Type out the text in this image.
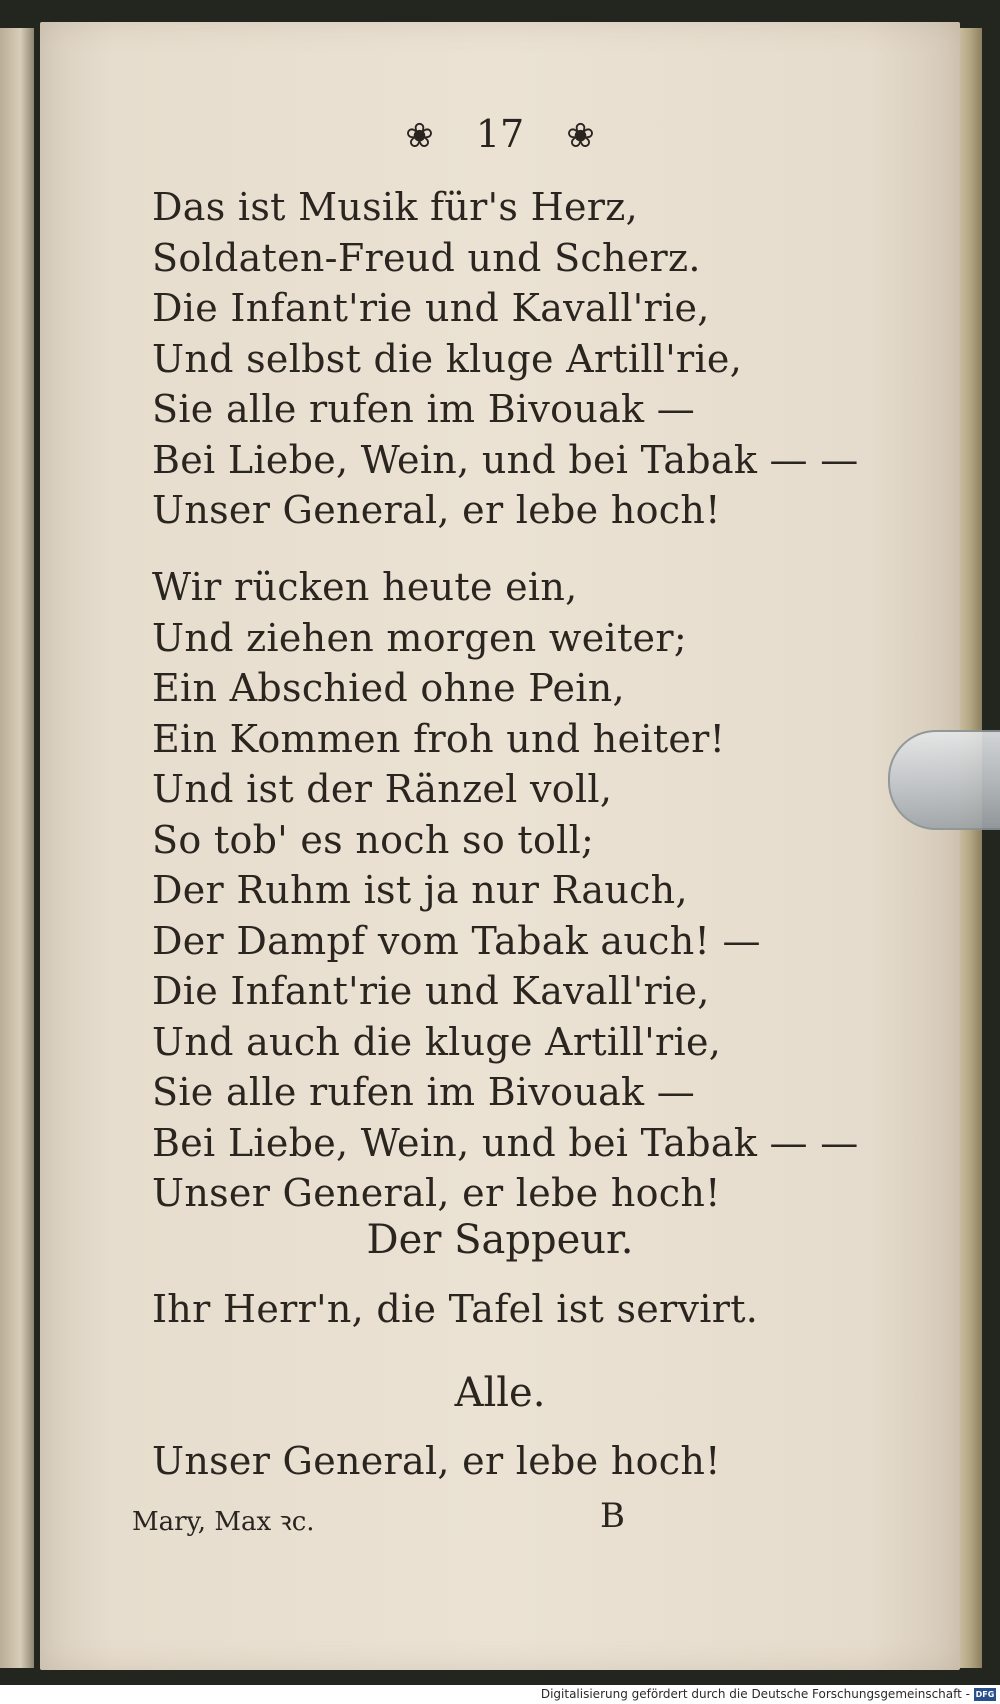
❀ 17 ❀
Das ist Musik für's Herz,
Soldaten-Freud und Scherz.
Die Infant'rie und Kavall'rie,
Und selbst die kluge Artill'rie,
Sie alle rufen im Bivouak —
Bei Liebe, Wein, und bei Tabak — —
Unser General, er lebe hoch!
Wir rücken heute ein,
Und ziehen morgen weiter;
Ein Abschied ohne Pein,
Ein Kommen froh und heiter!
Und ist der Ränzel voll,
So tob' es noch so toll;
Der Ruhm ist ja nur Rauch,
Der Dampf vom Tabak auch! —
Die Infant'rie und Kavall'rie,
Und auch die kluge Artill'rie,
Sie alle rufen im Bivouak —
Bei Liebe, Wein, und bei Tabak — —
Unser General, er lebe hoch!
Der Sappeur.
Ihr Herr'n, die Tafel ist servirt.
Alle.
Unser General, er lebe hoch!
Mary, Max ꝛc.	B
Digitalisierung gefördert durch die Deutsche Forschungsgemeinschaft - DFG
